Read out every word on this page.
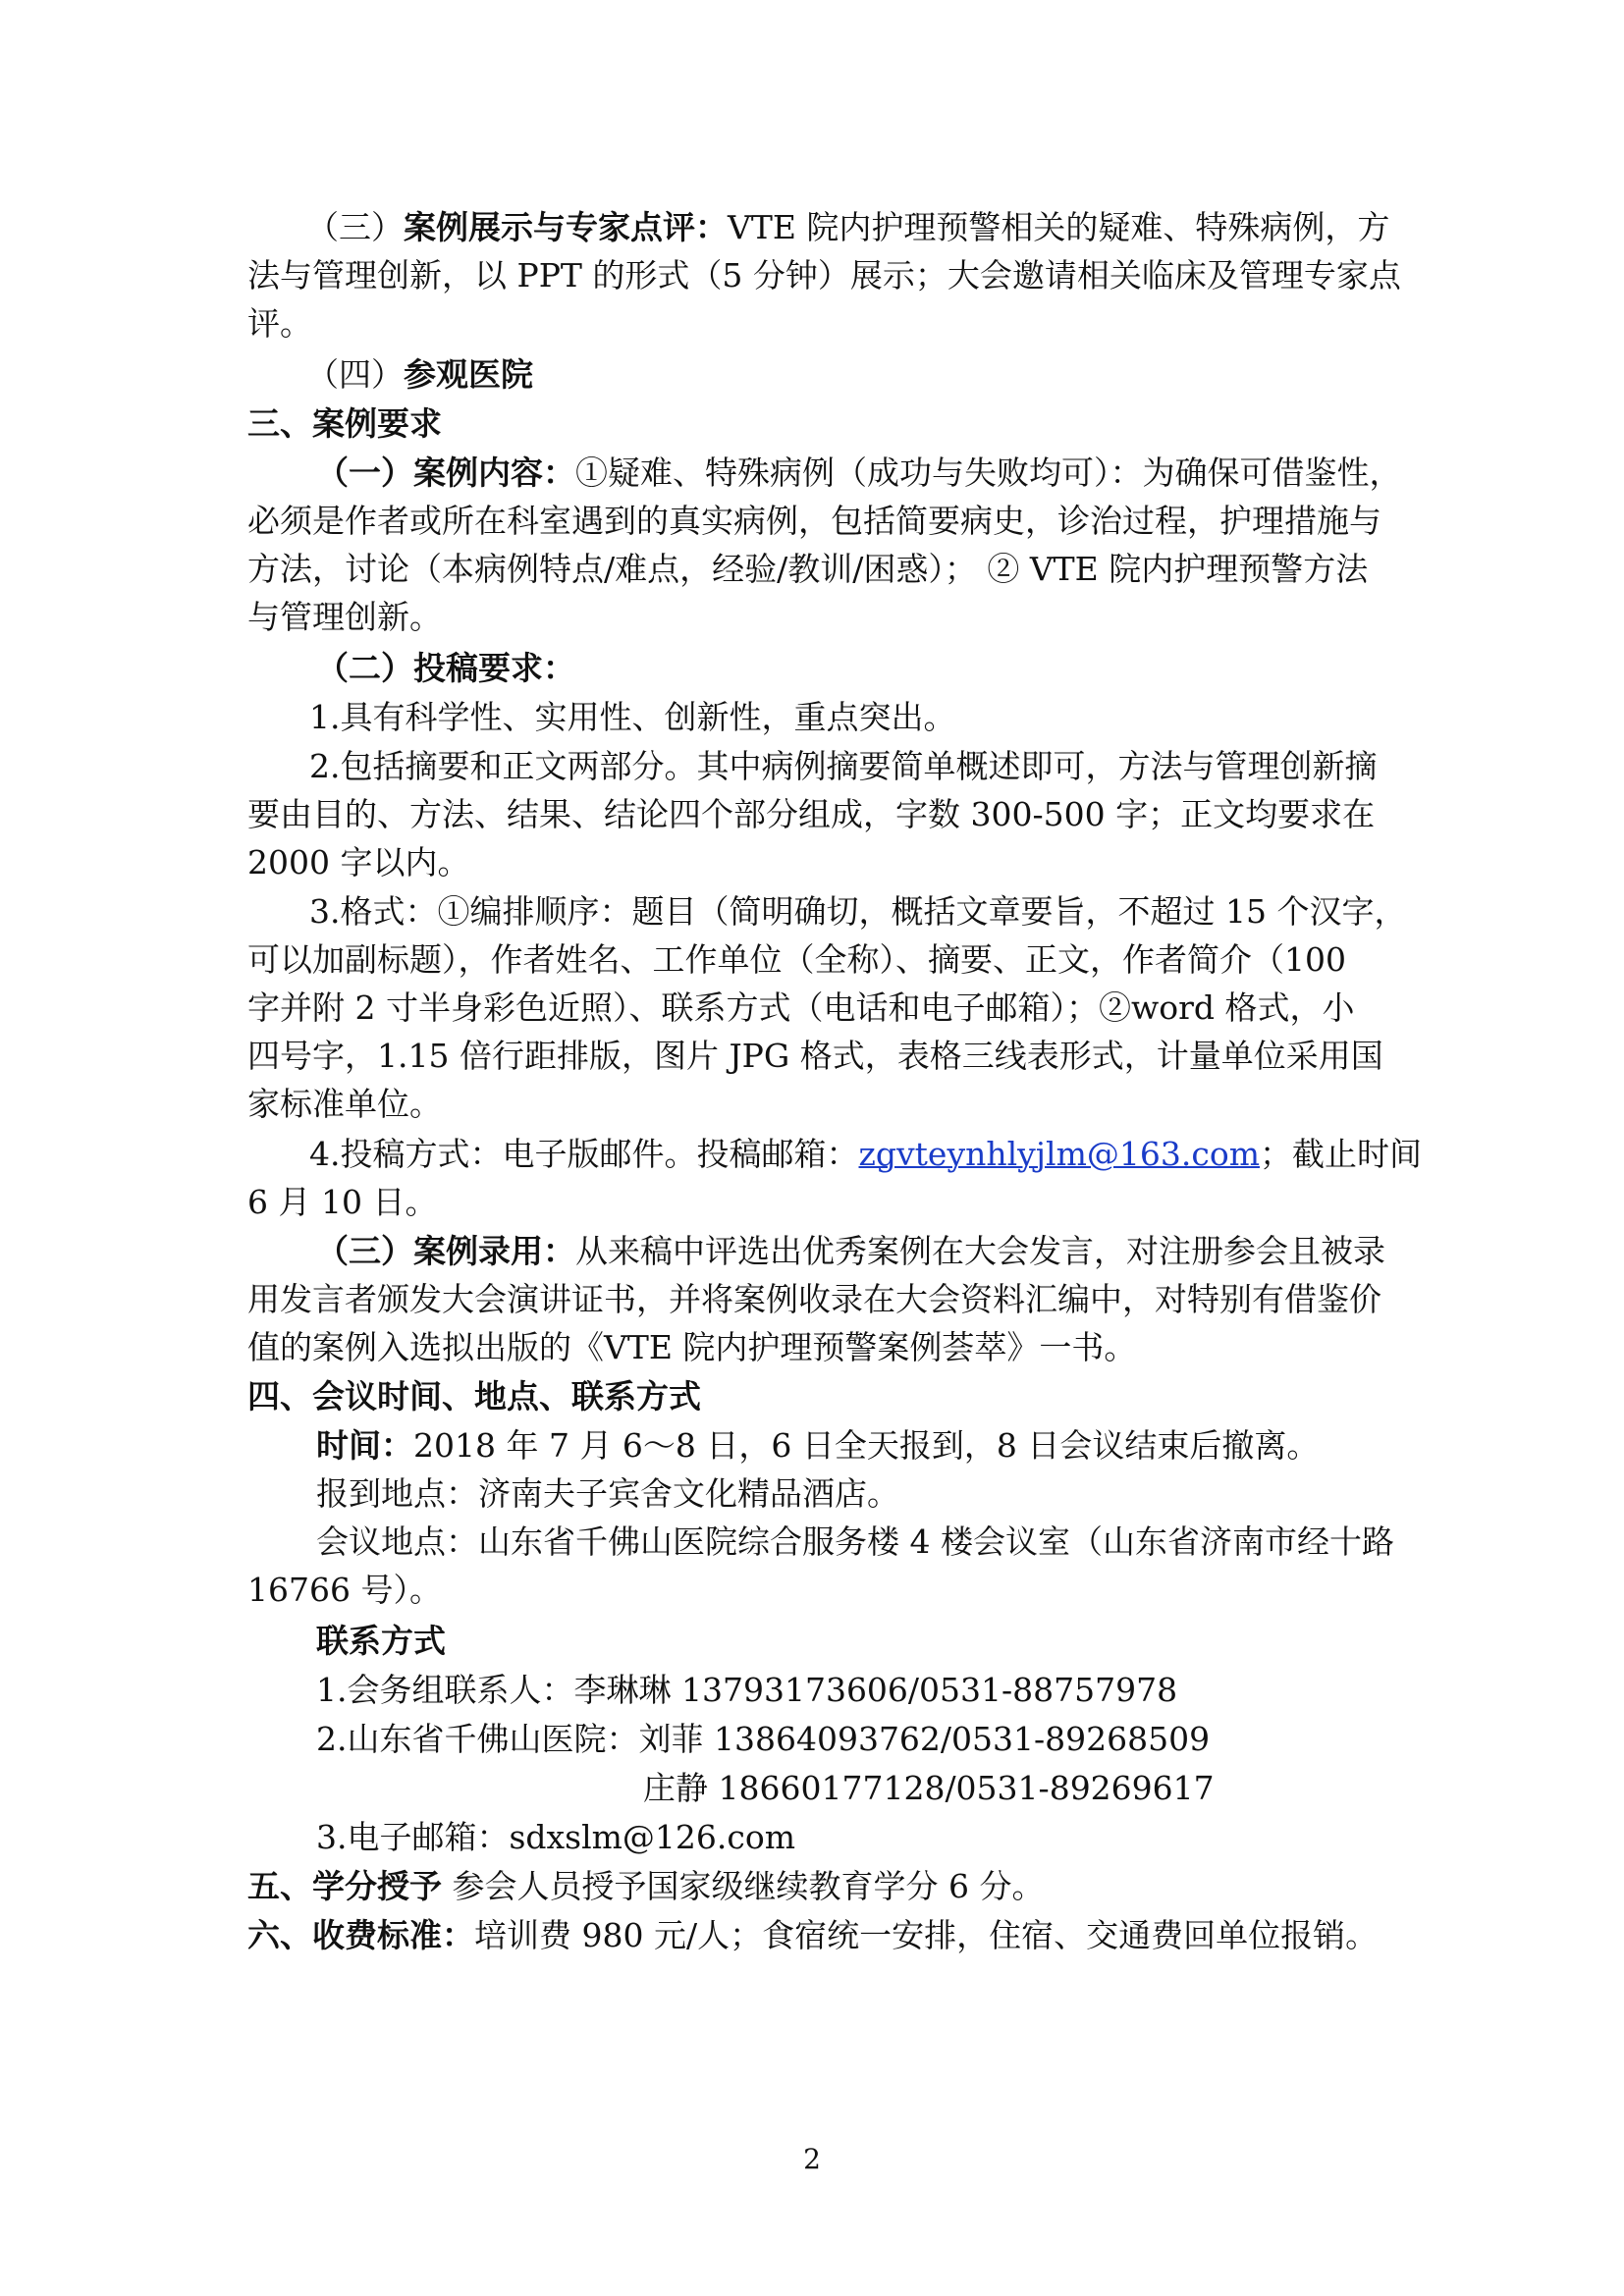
（三）案例展示与专家点评：VTE 院内护理预警相关的疑难、特殊病例，方
法与管理创新，以 PPT 的形式（5 分钟）展示；大会邀请相关临床及管理专家点
评。
（四）参观医院
三、案例要求
（一）案例内容：①疑难、特殊病例（成功与失败均可）：为确保可借鉴性，
必须是作者或所在科室遇到的真实病例，包括简要病史，诊治过程，护理措施与
方法，讨论（本病例特点/难点，经验/教训/困惑）； ② VTE 院内护理预警方法
与管理创新。
（二）投稿要求：
1.具有科学性、实用性、创新性，重点突出。
2.包括摘要和正文两部分。其中病例摘要简单概述即可，方法与管理创新摘
要由目的、方法、结果、结论四个部分组成，字数 300-500 字；正文均要求在
2000 字以内。
3.格式：①编排顺序：题目（简明确切，概括文章要旨，不超过 15 个汉字，
可以加副标题），作者姓名、工作单位（全称）、摘要、正文，作者简介（100
字并附 2 寸半身彩色近照）、联系方式（电话和电子邮箱）；②word 格式，小
四号字，1.15 倍行距排版，图片 JPG 格式，表格三线表形式，计量单位采用国
家标准单位。
4.投稿方式：电子版邮件。投稿邮箱：zgvteynhlyjlm@163.com；截止时间
6 月 10 日。
（三）案例录用：从来稿中评选出优秀案例在大会发言，对注册参会且被录
用发言者颁发大会演讲证书，并将案例收录在大会资料汇编中，对特别有借鉴价
值的案例入选拟出版的《VTE 院内护理预警案例荟萃》一书。
四、会议时间、地点、联系方式
时间：2018 年 7 月 6～8 日，6 日全天报到，8 日会议结束后撤离。
报到地点：济南夫子宾舍文化精品酒店。
会议地点：山东省千佛山医院综合服务楼 4 楼会议室（山东省济南市经十路
16766 号）。
联系方式
1.会务组联系人：李琳琳 13793173606/0531-88757978
2.山东省千佛山医院：刘菲 13864093762/0531-89268509
庄静 18660177128/0531-89269617
3.电子邮箱：sdxslm@126.com
五、学分授予 参会人员授予国家级继续教育学分 6 分。
六、收费标准：培训费 980 元/人；食宿统一安排，住宿、交通费回单位报销。
2
